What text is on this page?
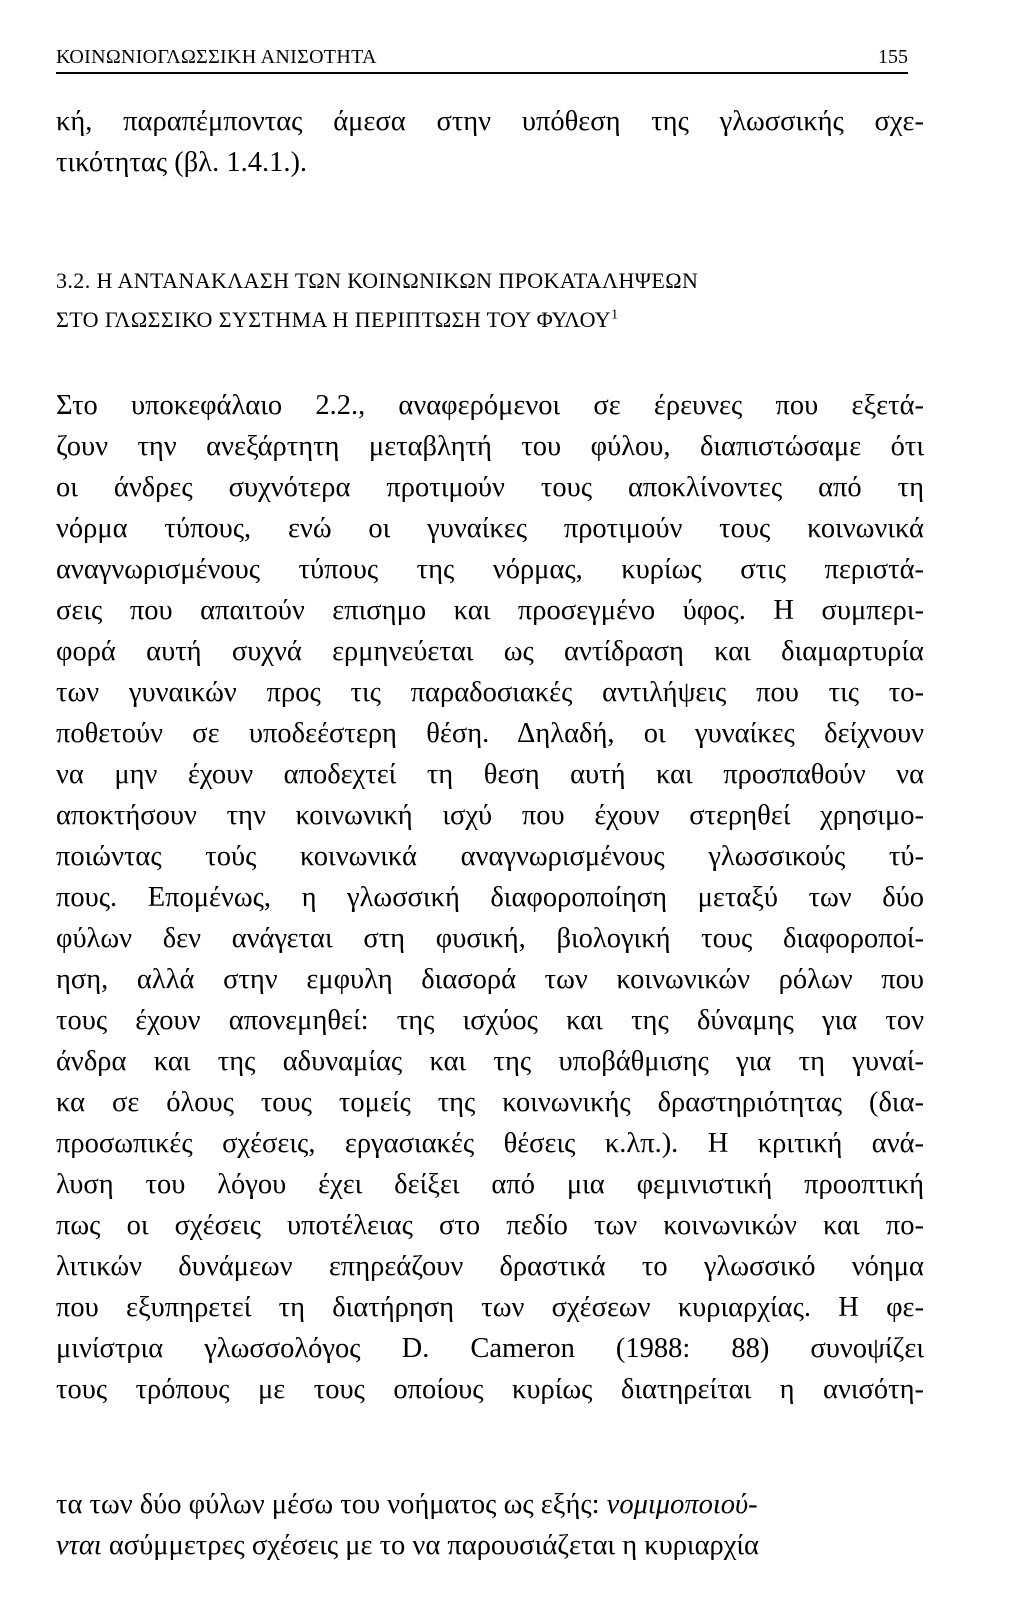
ΚΟΙΝΩΝΙΟΓΛΩΣΣΙΚΗ ΑΝΙΣΟΤΗΤΑ	155
κή, παραπέμποντας άμεσα στην υπόθεση της γλωσσικής σχε-
τικότητας (βλ. 1.4.1.).
3.2. Η ΑΝΤΑΝΑΚΛΑΣΗ ΤΩΝ ΚΟΙΝΩΝΙΚΩΝ ΠΡΟΚΑΤΑΛΗΨΕΩΝ
ΣΤΟ ΓΛΩΣΣΙΚΟ ΣΥΣΤΗΜΑ Η ΠΕΡΙΠΤΩΣΗ ΤΟΥ ΦΥΛΟΥ$^1$
Στο υποκεφάλαιο 2.2., αναφερόμενοι σε έρευνες που εξετά-
ζουν την ανεξάρτητη μεταβλητή του φύλου, διαπιστώσαμε ότι
οι άνδρες συχνότερα προτιμούν τους αποκλίνοντες από τη
νόρμα τύπους, ενώ οι γυναίκες προτιμούν τους κοινωνικά
αναγνωρισμένους τύπους της νόρμας, κυρίως στις περιστά-
σεις που απαιτούν επισημο και προσεγμένο ύφος. Η συμπερι-
φορά αυτή συχνά ερμηνεύεται ως αντίδραση και διαμαρτυρία
των γυναικών προς τις παραδοσιακές αντιλήψεις που τις το-
ποθετούν σε υποδεέστερη θέση. Δηλαδή, οι γυναίκες δείχνουν
να μην έχουν αποδεχτεί τη θεση αυτή και προσπαθούν να
αποκτήσουν την κοινωνική ισχύ που έχουν στερηθεί χρησιμο-
ποιώντας τούς κοινωνικά αναγνωρισμένους γλωσσικούς τύ-
πους. Επομένως, η γλωσσική διαφοροποίηση μεταξύ των δύο
φύλων δεν ανάγεται στη φυσική, βιολογική τους διαφοροποί-
ηση, αλλά στην εμφυλη διασορά των κοινωνικών ρόλων που
τους έχουν απονεμηθεί: της ισχύος και της δύναμης για τον
άνδρα και της αδυναμίας και της υποβάθμισης για τη γυναί-
κα σε όλους τους τομείς της κοινωνικής δραστηριότητας (δια-
προσωπικές σχέσεις, εργασιακές θέσεις κ.λπ.). Η κριτική ανά-
λυση του λόγου έχει δείξει από μια φεμινιστική προοπτική
πως οι σχέσεις υποτέλειας στο πεδίο των κοινωνικών και πο-
λιτικών δυνάμεων επηρεάζουν δραστικά το γλωσσικό νόημα
που εξυπηρετεί τη διατήρηση των σχέσεων κυριαρχίας. Η φε-
μινίστρια γλωσσολόγος D. Cameron (1988: 88) συνοψίζει
τους τρόπους με τους οποίους κυρίως διατηρείται η ανισότη-
τα των δύο φύλων μέσω του νοήματος ως εξής: νομιμοποιού-
νται ασύμμετρες σχέσεις με το να παρουσιάζεται η κυριαρχία
